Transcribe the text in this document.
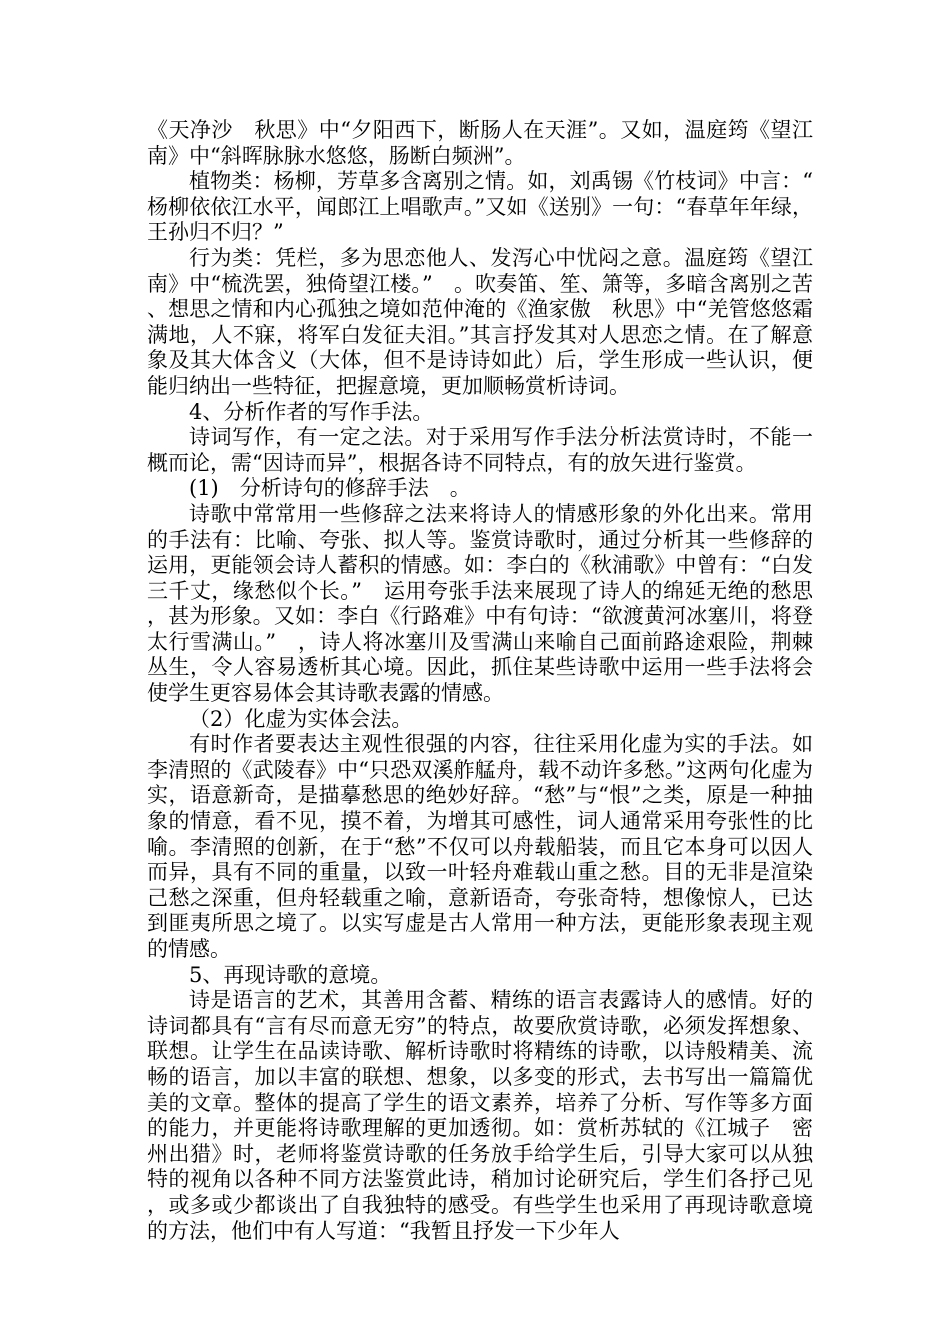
《天净沙　秋思》中“夕阳西下，断肠人在天涯”。又如，温庭筠《望江南》中“斜晖脉脉水悠悠，肠断白频洲”。

植物类：杨柳，芳草多含离别之情。如，刘禹锡《竹枝词》中言：“杨柳依依江水平，闻郎江上唱歌声。”又如《送别》一句：“春草年年绿，王孙归不归？”

行为类：凭栏，多为思恋他人、发泻心中忧闷之意。温庭筠《望江南》中“梳洗罢，独倚望江楼。”　。吹奏笛、笙、箫等，多暗含离别之苦、想思之情和内心孤独之境如范仲淹的《渔家傲　秋思》中“羌管悠悠霜满地，人不寐，将军白发征夫泪。”其言抒发其对人思恋之情。在了解意象及其大体含义（大体，但不是诗诗如此）后，学生形成一些认识，便能归纳出一些特征，把握意境，更加顺畅赏析诗词。

4、分析作者的写作手法。

诗词写作，有一定之法。对于采用写作手法分析法赏诗时，不能一概而论，需“因诗而异”，根据各诗不同特点，有的放矢进行鉴赏。

(1)　分析诗句的修辞手法　。

诗歌中常常用一些修辞之法来将诗人的情感形象的外化出来。常用的手法有：比喻、夸张、拟人等。鉴赏诗歌时，通过分析其一些修辞的运用，更能领会诗人蓄积的情感。如：李白的《秋浦歌》中曾有：“白发三千丈，缘愁似个长。”　运用夸张手法来展现了诗人的绵延无绝的愁思，甚为形象。又如：李白《行路难》中有句诗：“欲渡黄河冰塞川，将登太行雪满山。”　，诗人将冰塞川及雪满山来喻自己面前路途艰险，荆棘丛生，令人容易透析其心境。因此，抓住某些诗歌中运用一些手法将会使学生更容易体会其诗歌表露的情感。

（2）化虚为实体会法。

有时作者要表达主观性很强的内容，往往采用化虚为实的手法。如李清照的《武陵春》中“只恐双溪舴艋舟，载不动许多愁。”这两句化虚为实，语意新奇，是描摹愁思的绝妙好辞。“愁”与“恨”之类，原是一种抽象的情意，看不见，摸不着，为增其可感性，词人通常采用夸张性的比喻。李清照的创新，在于“愁”不仅可以舟载船装，而且它本身可以因人而异，具有不同的重量，以致一叶轻舟难载山重之愁。目的无非是渲染己愁之深重，但舟轻载重之喻，意新语奇，夸张奇特，想像惊人，已达到匪夷所思之境了。以实写虚是古人常用一种方法，更能形象表现主观的情感。

5、再现诗歌的意境。

诗是语言的艺术，其善用含蓄、精练的语言表露诗人的感情。好的诗词都具有“言有尽而意无穷”的特点，故要欣赏诗歌，必须发挥想象、联想。让学生在品读诗歌、解析诗歌时将精练的诗歌，以诗般精美、流畅的语言，加以丰富的联想、想象，以多变的形式，去书写出一篇篇优美的文章。整体的提高了学生的语文素养，培养了分析、写作等多方面的能力，并更能将诗歌理解的更加透彻。如：赏析苏轼的《江城子　密州出猎》时，老师将鉴赏诗歌的任务放手给学生后，引导大家可以从独特的视角以各种不同方法鉴赏此诗，稍加讨论研究后，学生们各抒己见，或多或少都谈出了自我独特的感受。有些学生也采用了再现诗歌意境的方法，他们中有人写道：“我暂且抒发一下少年人
